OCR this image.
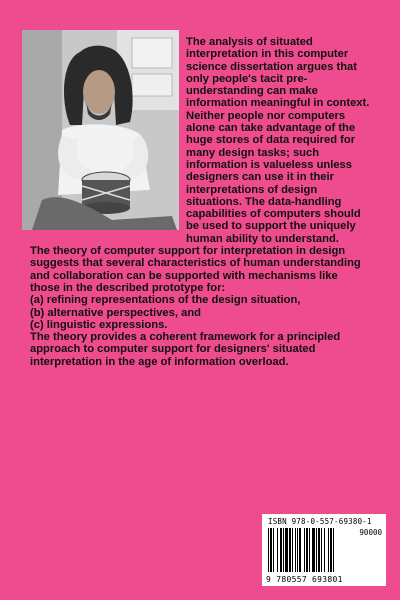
The analysis of situated interpretation in this computer science dissertation argues that only people's tacit pre-understanding can make information meaningful in context.

Neither people nor computers alone can take advantage of the huge stores of data required for many design tasks; such information is valueless unless designers can use it in their interpretations of design situations. The data-handling capabilities of computers should be used to support the uniquely human ability to understand.

The theory of computer support for interpretation in design suggests that several characteristics of human understanding and collaboration can be supported with mechanisms like those in the described prototype for:

(a) refining representations of the design situation,

(b) alternative perspectives, and

(c) linguistic expressions.

The theory provides a coherent framework for a principled approach to computer support for designers' situated interpretation in the age of information overload.

ISBN 978-0-557-69380-1
90000
9 780557 693801
